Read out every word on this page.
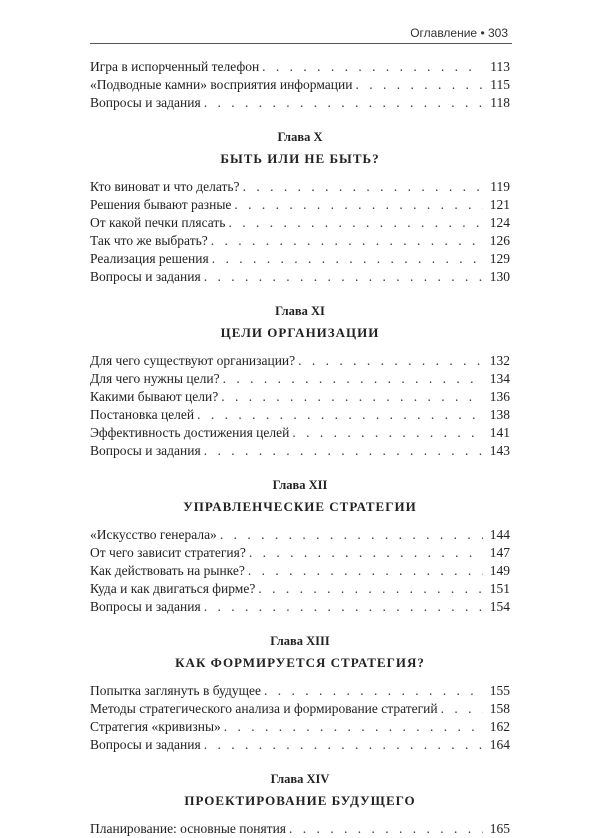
Оглавление • 303
Игра в испорченный телефон . . .	113
«Подводные камни» восприятия информации . . .	115
Вопросы и задания . . .	118
Глава X
БЫТЬ ИЛИ НЕ БЫТЬ?
Кто виноват и что делать? . . .	119
Решения бывают разные . . .	121
От какой печки плясать . . .	124
Так что же выбрать? . . .	126
Реализация решения . . .	129
Вопросы и задания . . .	130
Глава XI
ЦЕЛИ ОРГАНИЗАЦИИ
Для чего существуют организации? . . .	132
Для чего нужны цели? . . .	134
Какими бывают цели? . . .	136
Постановка целей . . .	138
Эффективность достижения целей . . .	141
Вопросы и задания . . .	143
Глава XII
УПРАВЛЕНЧЕСКИЕ СТРАТЕГИИ
«Искусство генерала» . . .	144
От чего зависит стратегия? . . .	147
Как действовать на рынке? . . .	149
Куда и как двигаться фирме? . . .	151
Вопросы и задания . . .	154
Глава XIII
КАК ФОРМИРУЕТСЯ СТРАТЕГИЯ?
Попытка заглянуть в будущее . . .	155
Методы стратегического анализа и формирование стратегий . . .	158
Стратегия «кривизны» . . .	162
Вопросы и задания . . .	164
Глава XIV
ПРОЕКТИРОВАНИЕ БУДУЩЕГО
Планирование: основные понятия . . .	165
